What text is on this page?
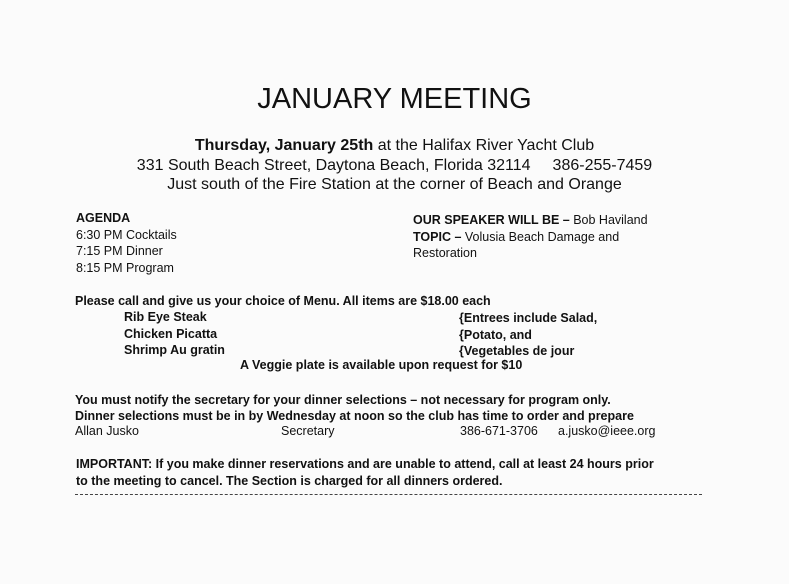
JANUARY MEETING
Thursday, January 25th at the Halifax River Yacht Club
331 South Beach Street, Daytona Beach, Florida 32114 386-255-7459
Just south of the Fire Station at the corner of Beach and Orange
AGENDA
6:30 PM Cocktails
7:15 PM Dinner
8:15 PM Program
OUR SPEAKER WILL BE – Bob Haviland
TOPIC – Volusia Beach Damage and
Restoration
Please call and give us your choice of Menu. All items are $18.00 each
Rib Eye Steak
Chicken Picatta
Shrimp Au gratin
{Entrees include Salad,
{Potato, and
{Vegetables de jour
A Veggie plate is available upon request for $10
You must notify the secretary for your dinner selections – not necessary for program only.
Dinner selections must be in by Wednesday at noon so the club has time to order and prepare
Allan Jusko	Secretary	386-671-3706 a.jusko@ieee.org
IMPORTANT: If you make dinner reservations and are unable to attend, call at least 24 hours prior
to the meeting to cancel. The Section is charged for all dinners ordered.
